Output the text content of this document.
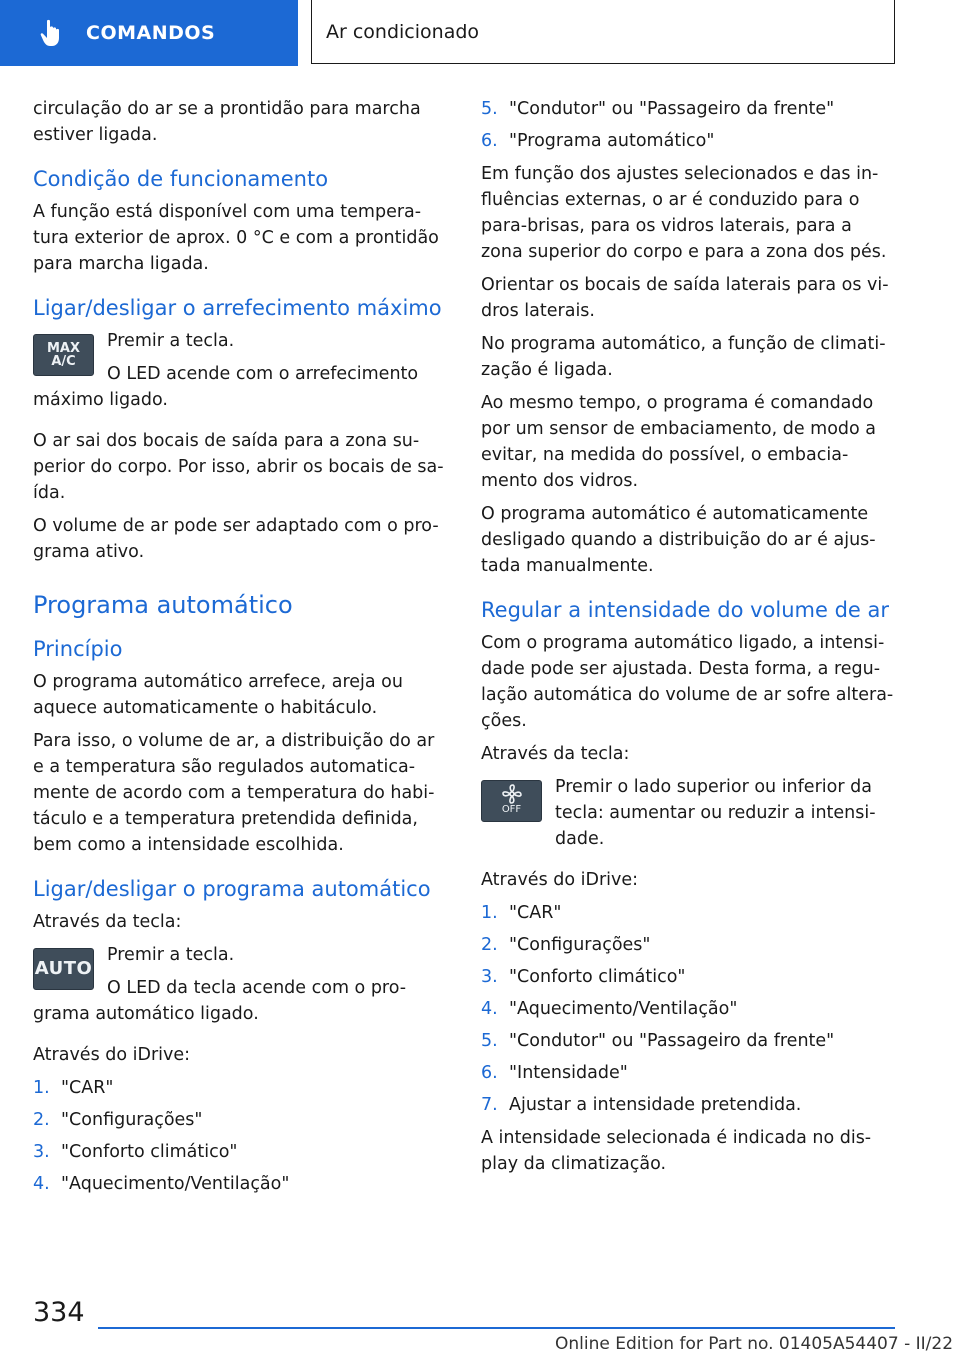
COMANDOS	Ar condicionado

circulação do ar se a prontidão para marcha estiver ligada.

Condição de funcionamento

A função está disponível com uma tempera-tura exterior de aprox. 0 °C e com a prontidão para marcha ligada.

Ligar/desligar o arrefecimento máximo
MAX
A/C

Premir a tecla.

O LED acende com o arrefecimento máximo ligado.

O ar sai dos bocais de saída para a zona su-perior do corpo. Por isso, abrir os bocais de sa-ída.

O volume de ar pode ser adaptado com o pro-grama ativo.

Programa automático
Princípio

O programa automático arrefece, areja ou aquece automaticamente o habitáculo.

Para isso, o volume de ar, a distribuição do ar e a temperatura são regulados automatica-mente de acordo com a temperatura do habi-táculo e a temperatura pretendida definida, bem como a intensidade escolhida.

Ligar/desligar o programa automático

Através da tecla:

AUTO

Premir a tecla.

O LED da tecla acende com o pro-grama automático ligado.

Através do iDrive:

1. "CAR"
2. "Configurações"
3. "Conforto climático"
4. "Aquecimento/Ventilação"
5. "Condutor" ou "Passageiro da frente"
6. "Programa automático"

Em função dos ajustes selecionados e das in-fluências externas, o ar é conduzido para o para-brisas, para os vidros laterais, para a zona superior do corpo e para a zona dos pés.

Orientar os bocais de saída laterais para os vi-dros laterais.

No programa automático, a função de climati-zação é ligada.

Ao mesmo tempo, o programa é comandado por um sensor de embaciamento, de modo a evitar, na medida do possível, o embacia-mento dos vidros.

O programa automático é automaticamente desligado quando a distribuição do ar é ajus-tada manualmente.

Regular a intensidade do volume de ar

Com o programa automático ligado, a intensi-dade pode ser ajustada. Desta forma, a regu-lação automática do volume de ar sofre altera-ções.

Através da tecla:

OFF

Premir o lado superior ou inferior da tecla: aumentar ou reduzir a intensi-dade.

Através do iDrive:

1. "CAR"
2. "Configurações"
3. "Conforto climático"
4. "Aquecimento/Ventilação"
5. "Condutor" ou "Passageiro da frente"
6. "Intensidade"
7. Ajustar a intensidade pretendida.

A intensidade selecionada é indicada no dis-play da climatização.

334
Online Edition for Part no. 01405A54407 - II/22
